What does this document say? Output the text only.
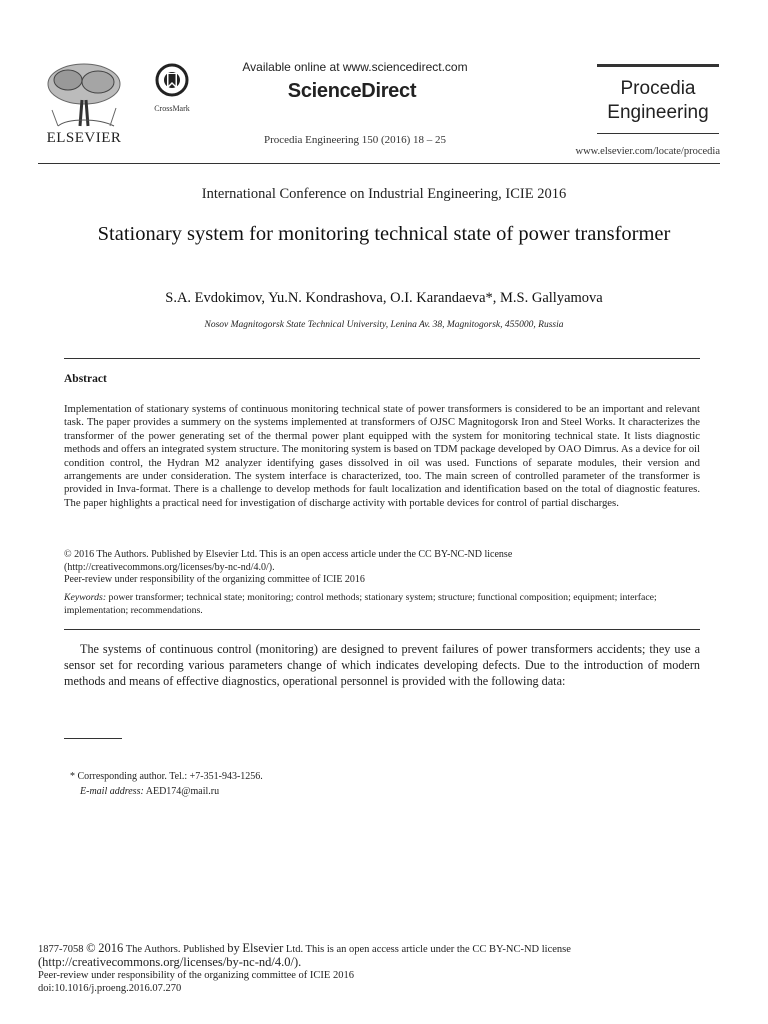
ELSEVIER
CrossMark
Available online at www.sciencedirect.com
ScienceDirect
Procedia Engineering 150 (2016) 18 – 25
Procedia
Engineering
www.elsevier.com/locate/procedia
International Conference on Industrial Engineering, ICIE 2016
Stationary system for monitoring technical state of power transformer
S.A. Evdokimov, Yu.N. Kondrashova, O.I. Karandaeva*, M.S. Gallyamova
Nosov Magnitogorsk State Technical University, Lenina Av. 38, Magnitogorsk, 455000, Russia
Abstract
Implementation of stationary systems of continuous monitoring technical state of power transformers is considered to be an important and relevant task. The paper provides a summery on the systems implemented at transformers of OJSC Magnitogorsk Iron and Steel Works. It characterizes the transformer of the power generating set of the thermal power plant equipped with the system for monitoring technical state. It lists diagnostic methods and offers an integrated system structure. The monitoring system is based on TDM package developed by OAO Dimrus. As a device for oil condition control, the Hydran M2 analyzer identifying gases dissolved in oil was used. Functions of separate modules, their version and arrangements are under consideration. The system interface is characterized, too. The main screen of controlled parameter of the transformer is provided in Inva-format. There is a challenge to develop methods for fault localization and identification based on the total of diagnostic features. The paper highlights a practical need for investigation of discharge activity with portable devices for control of partial discharges.
© 2016 The Authors. Published by Elsevier Ltd. This is an open access article under the CC BY-NC-ND license
(http://creativecommons.org/licenses/by-nc-nd/4.0/).
Peer-review under responsibility of the organizing committee of ICIE 2016
Keywords: power transformer; technical state; monitoring; control methods; stationary system; structure; functional composition; equipment; interface; implementation; recommendations.
The systems of continuous control (monitoring) are designed to prevent failures of power transformers accidents; they use a sensor set for recording various parameters change of which indicates developing defects. Due to the introduction of modern methods and means of effective diagnostics, operational personnel is provided with the following data:
* Corresponding author. Tel.: +7-351-943-1256.
E-mail address: AED174@mail.ru
1877-7058 © 2016 The Authors. Published by Elsevier Ltd. This is an open access article under the CC BY-NC-ND license
(http://creativecommons.org/licenses/by-nc-nd/4.0/).
Peer-review under responsibility of the organizing committee of ICIE 2016
doi:10.1016/j.proeng.2016.07.270
